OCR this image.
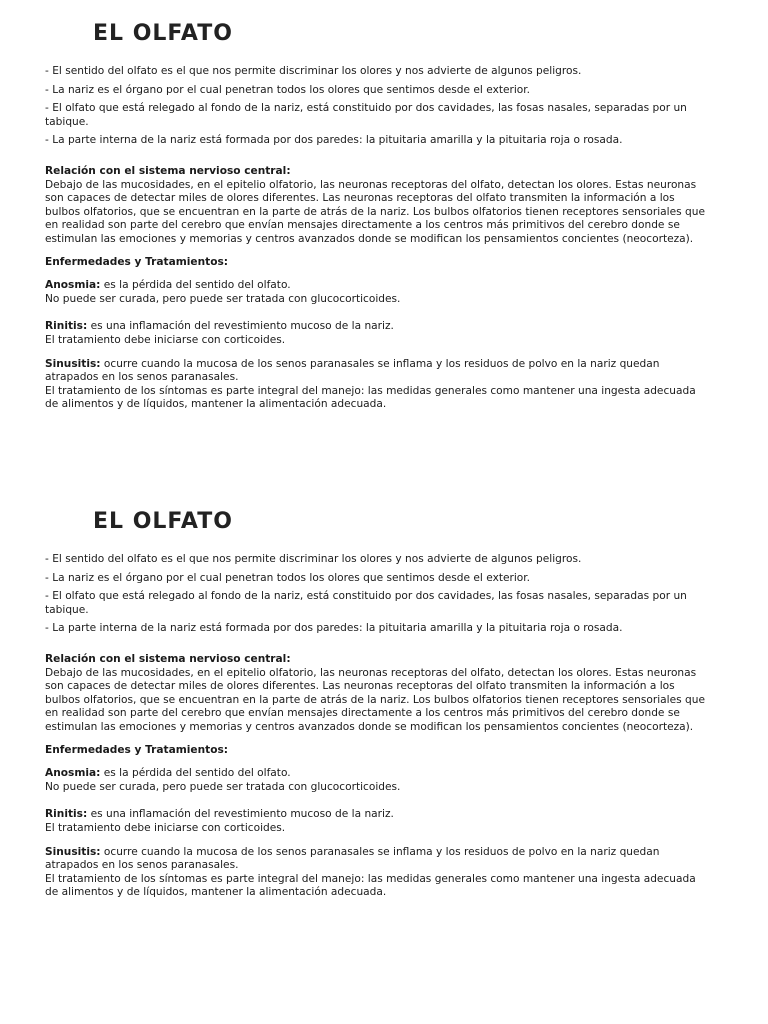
EL OLFATO

- El sentido del olfato es el que nos permite discriminar los olores y nos advierte de algunos peligros.

- La nariz es el órgano por el cual penetran todos los olores que sentimos desde el exterior.

- El olfato que está relegado al fondo de la nariz, está constituido por dos cavidades, las fosas nasales, separadas por un tabique.

- La parte interna de la nariz está formada por dos paredes: la pituitaria amarilla y la pituitaria roja o rosada.

Relación con el sistema nervioso central:

Debajo de las mucosidades, en el epitelio olfatorio, las neuronas receptoras del olfato, detectan los olores. Estas neuronas son capaces de detectar miles de olores diferentes. Las neuronas receptoras del olfato transmiten la información a los bulbos olfatorios, que se encuentran en la parte de atrás de la nariz. Los bulbos olfatorios tienen receptores sensoriales que en realidad son parte del cerebro que envían mensajes directamente a los centros más primitivos del cerebro donde se estimulan las emociones y memorias y centros avanzados donde se modifican los pensamientos concientes (neocorteza).

Enfermedades y Tratamientos:

Anosmia: es la pérdida del sentido del olfato.
No puede ser curada, pero puede ser tratada con glucocorticoides.
Rinitis: es una inflamación del revestimiento mucoso de la nariz.
El tratamiento debe iniciarse con corticoides.
Sinusitis: ocurre cuando la mucosa de los senos paranasales se inflama y los residuos de polvo en la nariz quedan atrapados en los senos paranasales.
El tratamiento de los síntomas es parte integral del manejo: las medidas generales como mantener una ingesta adecuada de alimentos y de líquidos, mantener la alimentación adecuada.
EL OLFATO

- El sentido del olfato es el que nos permite discriminar los olores y nos advierte de algunos peligros.

- La nariz es el órgano por el cual penetran todos los olores que sentimos desde el exterior.

- El olfato que está relegado al fondo de la nariz, está constituido por dos cavidades, las fosas nasales, separadas por un tabique.

- La parte interna de la nariz está formada por dos paredes: la pituitaria amarilla y la pituitaria roja o rosada.

Relación con el sistema nervioso central:

Debajo de las mucosidades, en el epitelio olfatorio, las neuronas receptoras del olfato, detectan los olores. Estas neuronas son capaces de detectar miles de olores diferentes. Las neuronas receptoras del olfato transmiten la información a los bulbos olfatorios, que se encuentran en la parte de atrás de la nariz. Los bulbos olfatorios tienen receptores sensoriales que en realidad son parte del cerebro que envían mensajes directamente a los centros más primitivos del cerebro donde se estimulan las emociones y memorias y centros avanzados donde se modifican los pensamientos concientes (neocorteza).

Enfermedades y Tratamientos:

Anosmia: es la pérdida del sentido del olfato.
No puede ser curada, pero puede ser tratada con glucocorticoides.
Rinitis: es una inflamación del revestimiento mucoso de la nariz.
El tratamiento debe iniciarse con corticoides.
Sinusitis: ocurre cuando la mucosa de los senos paranasales se inflama y los residuos de polvo en la nariz quedan atrapados en los senos paranasales.
El tratamiento de los síntomas es parte integral del manejo: las medidas generales como mantener una ingesta adecuada de alimentos y de líquidos, mantener la alimentación adecuada.
